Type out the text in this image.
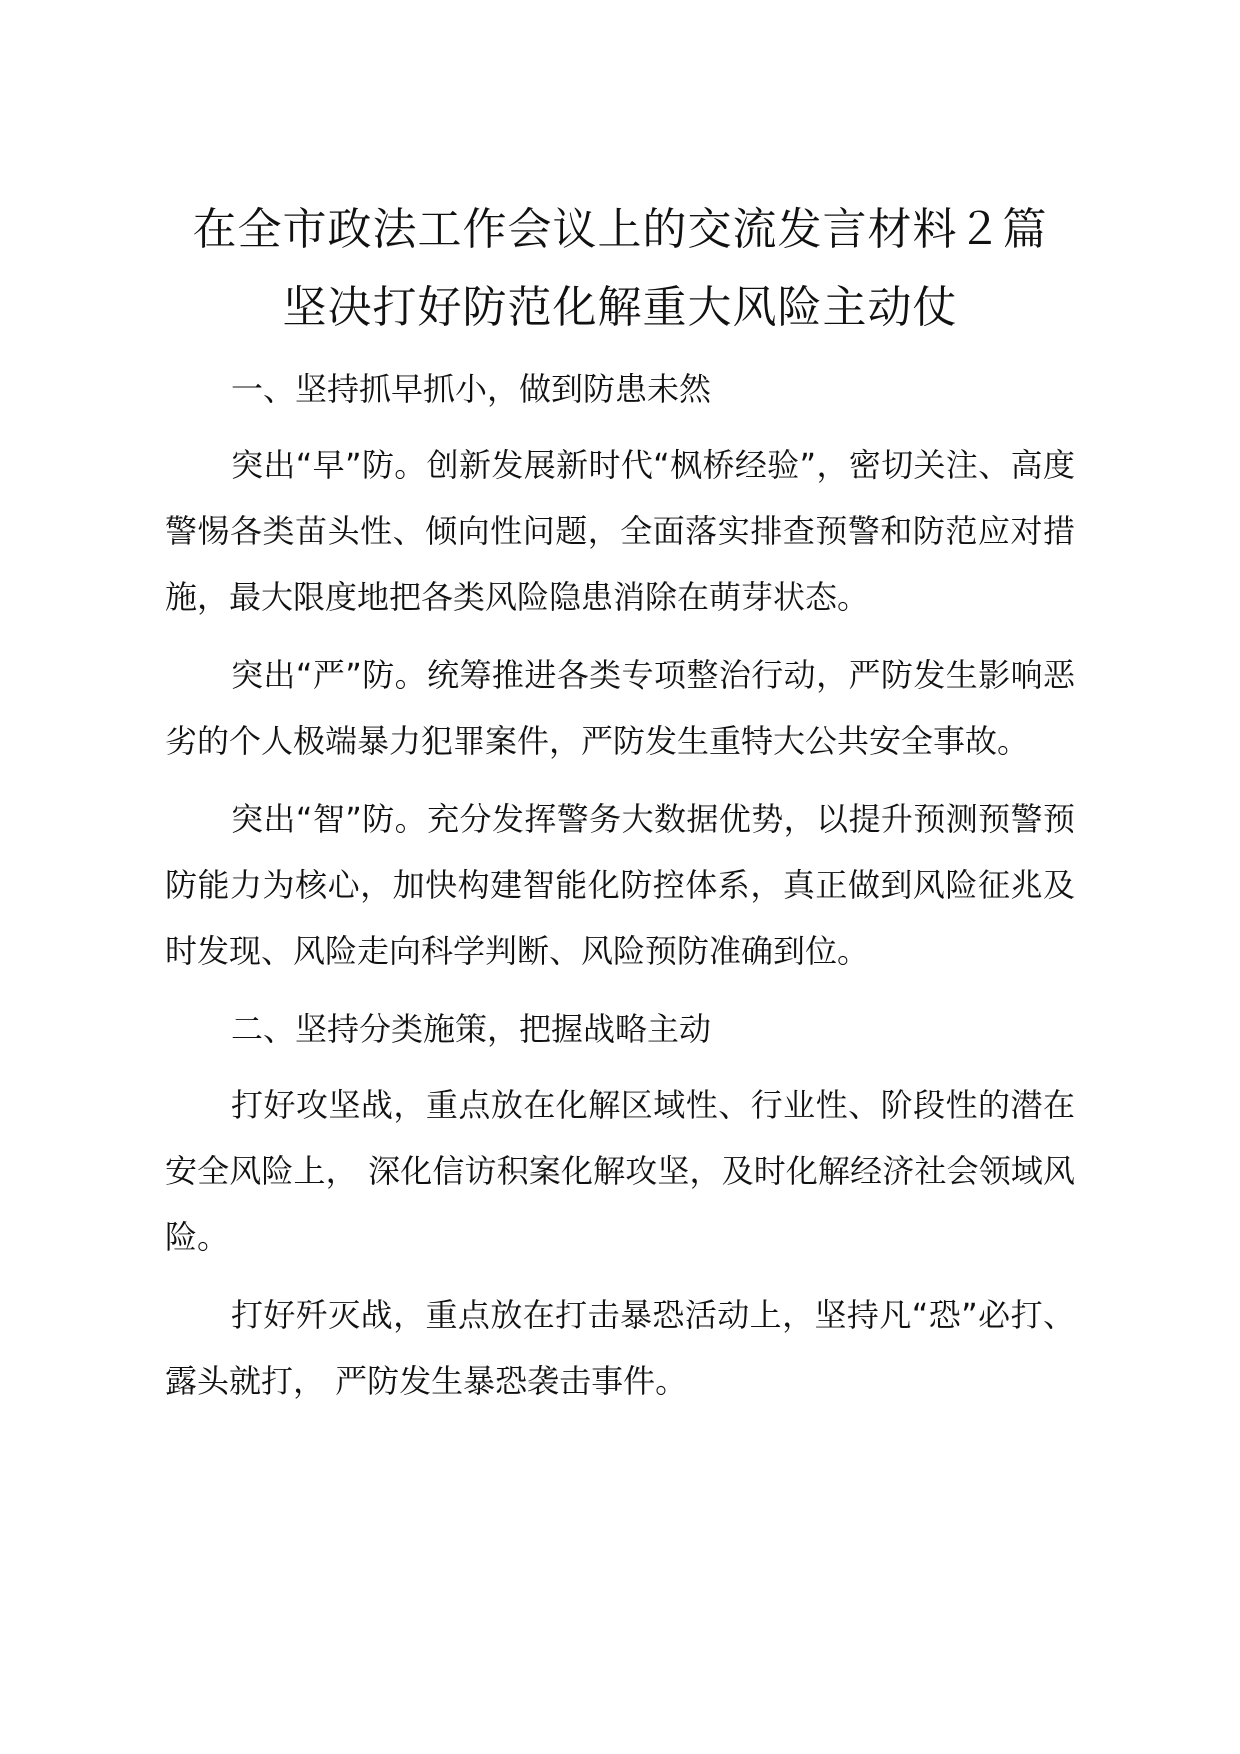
在全市政法工作会议上的交流发言材料２篇
坚决打好防范化解重大风险主动仗
一、坚持抓早抓小，做到防患未然

突出“早”防。创新发展新时代“枫桥经验”，密切关注、高度警惕各类苗头性、倾向性问题，全面落实排查预警和防范应对措施，最大限度地把各类风险隐患消除在萌芽状态。

突出“严”防。统筹推进各类专项整治行动，严防发生影响恶劣的个人极端暴力犯罪案件，严防发生重特大公共安全事故。

突出“智”防。充分发挥警务大数据优势，以提升预测预警预防能力为核心，加快构建智能化防控体系，真正做到风险征兆及时发现、风险走向科学判断、风险预防准确到位。

二、坚持分类施策，把握战略主动

打好攻坚战，重点放在化解区域性、行业性、阶段性的潜在安全风险上， 深化信访积案化解攻坚，及时化解经济社会领域风险。

打好歼灭战，重点放在打击暴恐活动上，坚持凡“恐”必打、露头就打， 严防发生暴恐袭击事件。
